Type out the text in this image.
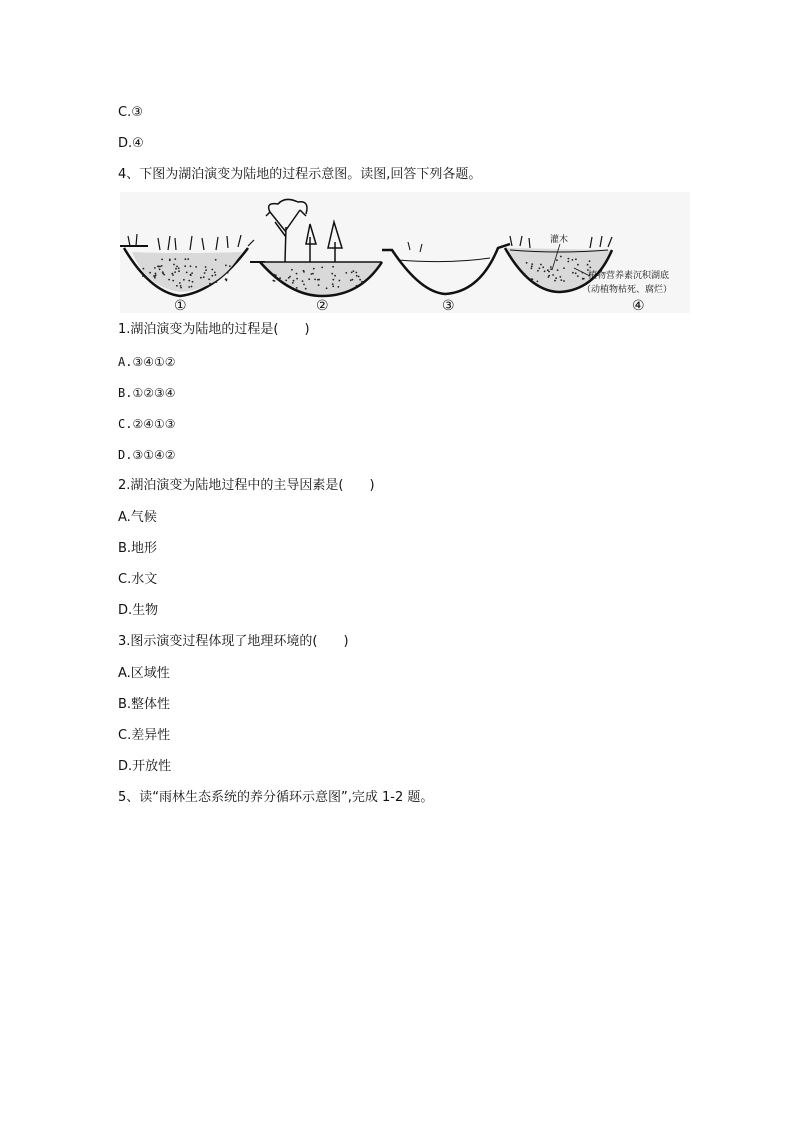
C.③
D.④
4、下图为湖泊演变为陆地的过程示意图。读图,回答下列各题。
灌木
植物营养素沉积湖底
（动植物枯死、腐烂）
①	②	③	④
1.湖泊演变为陆地的过程是(　　)
A.③④①②
B.①②③④
C.②④①③
D.③①④②
2.湖泊演变为陆地过程中的主导因素是(　　)
A.气候
B.地形
C.水文
D.生物
3.图示演变过程体现了地理环境的(　　)
A.区域性
B.整体性
C.差异性
D.开放性
5、读“雨林生态系统的养分循环示意图”,完成 1-2 题。
